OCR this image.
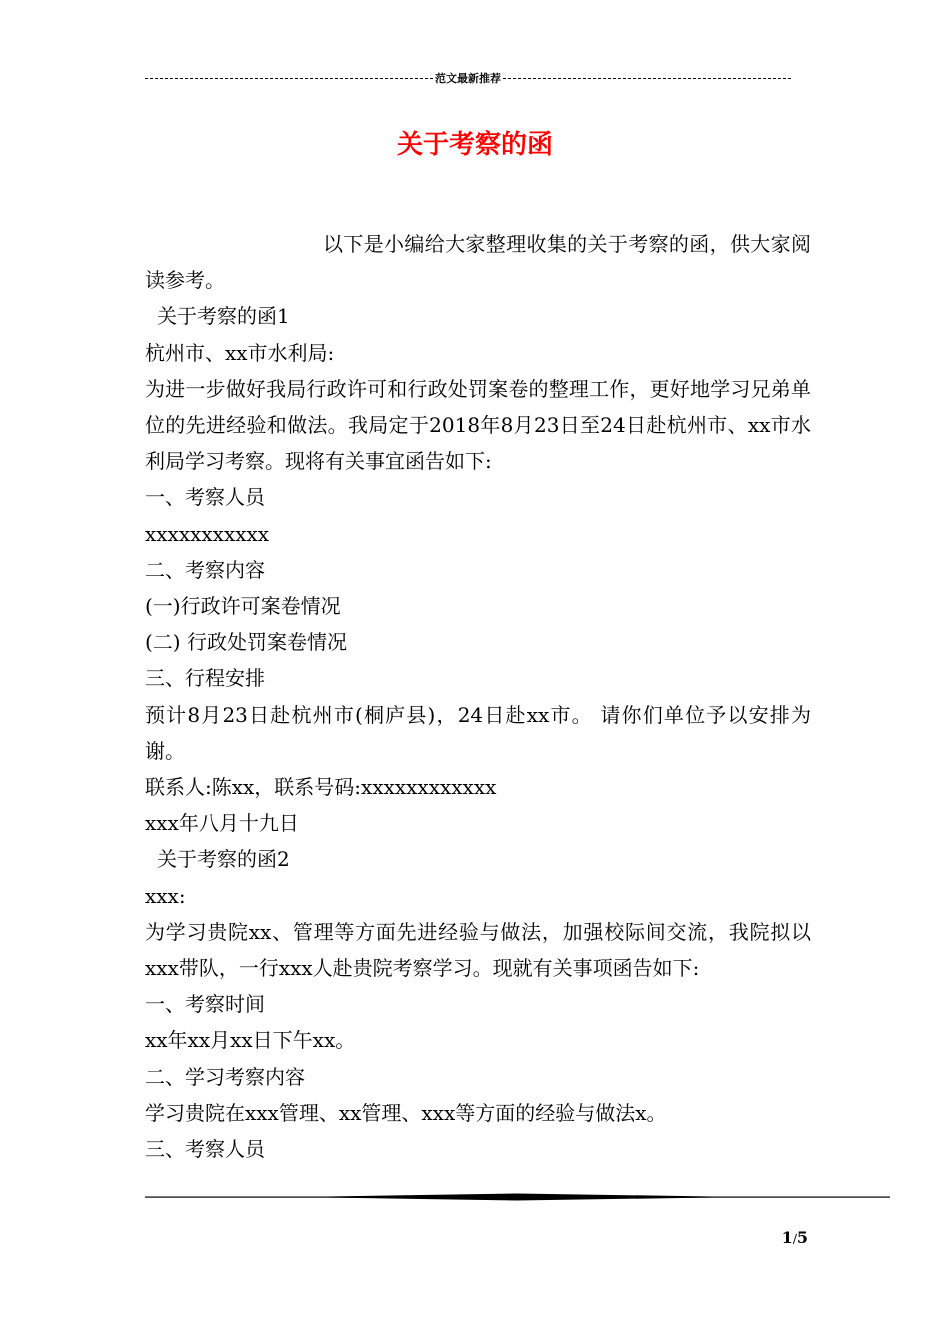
范文最新推荐
关于考察的函

以下是小编给大家整理收集的关于考察的函，供大家阅读参考。

关于考察的函1

杭州市、xx市水利局:

为进一步做好我局行政许可和行政处罚案卷的整理工作，更好地学习兄弟单位的先进经验和做法。我局定于2018年8月23日至24日赴杭州市、xx市水利局学习考察。现将有关事宜函告如下:

一、考察人员

xxxxxxxxxxx

二、考察内容

(一)行政许可案卷情况

(二) 行政处罚案卷情况

三、行程安排

预计8月23日赴杭州市(桐庐县)，24日赴xx市。 请你们单位予以安排为谢。

联系人:陈xx，联系号码:xxxxxxxxxxxx

xxx年八月十九日

关于考察的函2

xxx:

为学习贵院xx、管理等方面先进经验与做法，加强校际间交流，我院拟以xxx带队，一行xxx人赴贵院考察学习。现就有关事项函告如下:

一、考察时间

xx年xx月xx日下午xx。

二、学习考察内容

学习贵院在xxx管理、xx管理、xxx等方面的经验与做法x。

三、考察人员

1/5
